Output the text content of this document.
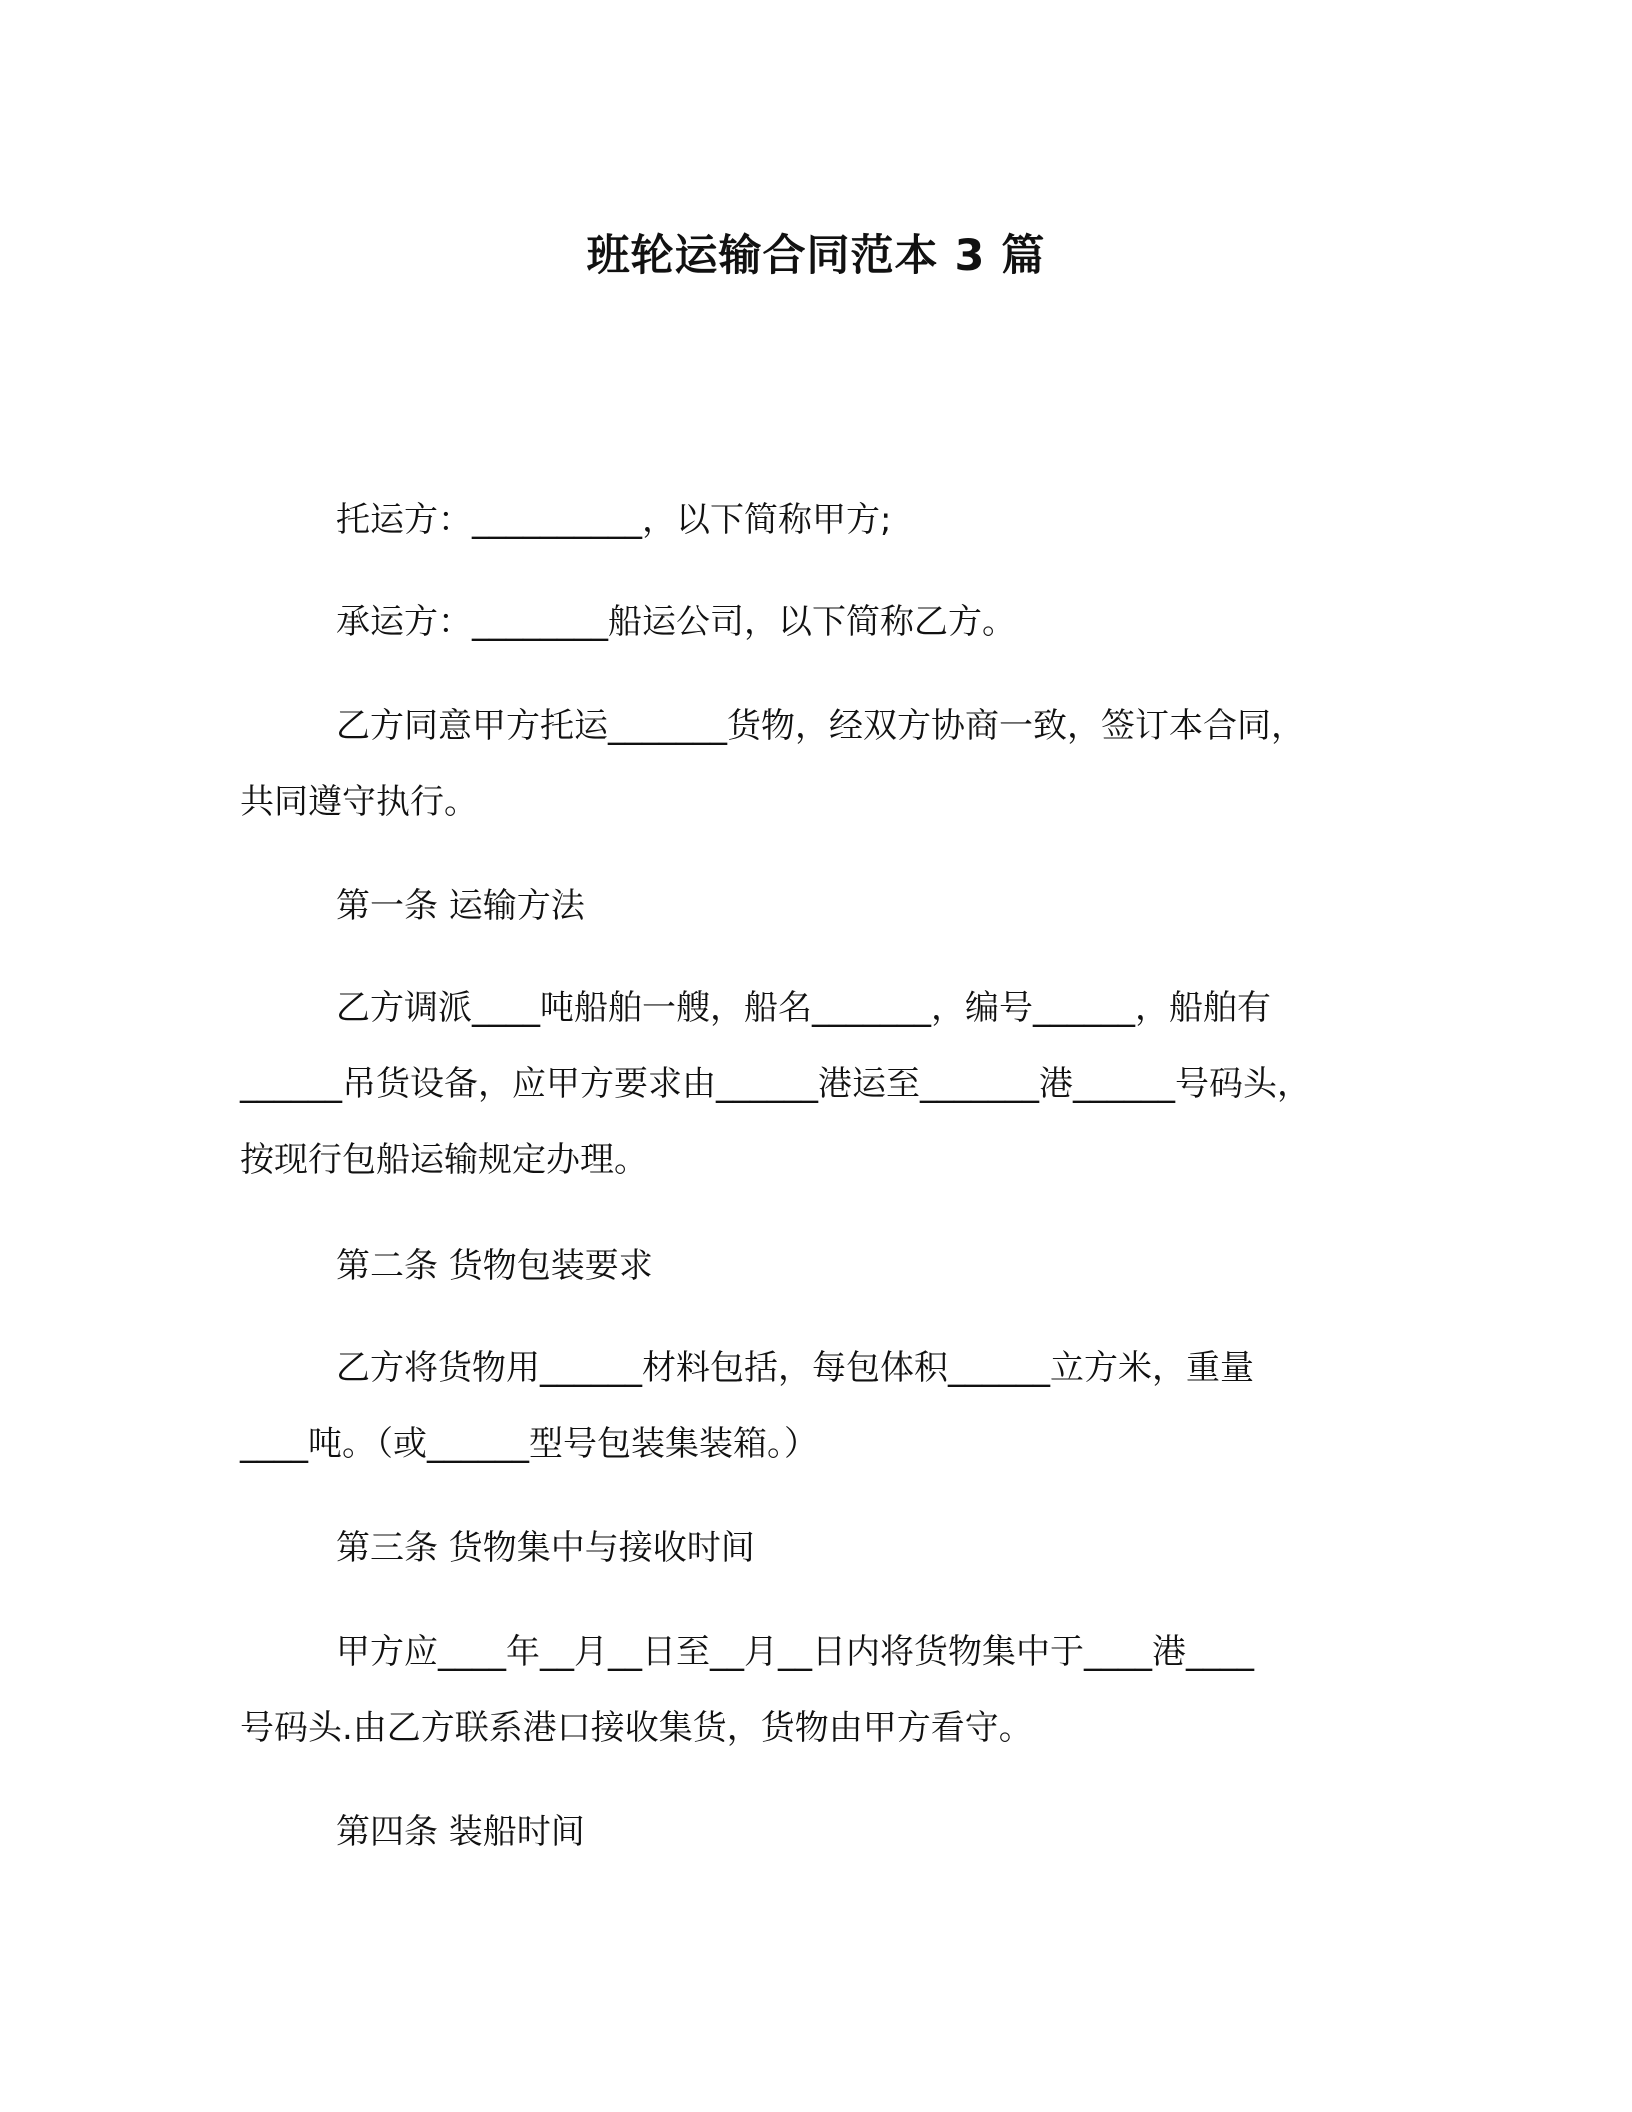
班轮运输合同范本 3 篇

托运方：__________，以下简称甲方;

承运方：________船运公司，以下简称乙方。

乙方同意甲方托运_______货物，经双方协商一致，签订本合同，
共同遵守执行。

第一条 运输方法

乙方调派____吨船舶一艘，船名_______，编号______，船舶有
______吊货设备，应甲方要求由______港运至_______港______号码头，
按现行包船运输规定办理。

第二条 货物包装要求

乙方将货物用______材料包括，每包体积______立方米，重量
____吨。（或______型号包装集装箱。）

第三条 货物集中与接收时间

甲方应____年__月__日至__月__日内将货物集中于____港____
号码头.由乙方联系港口接收集货，货物由甲方看守。

第四条 装船时间
